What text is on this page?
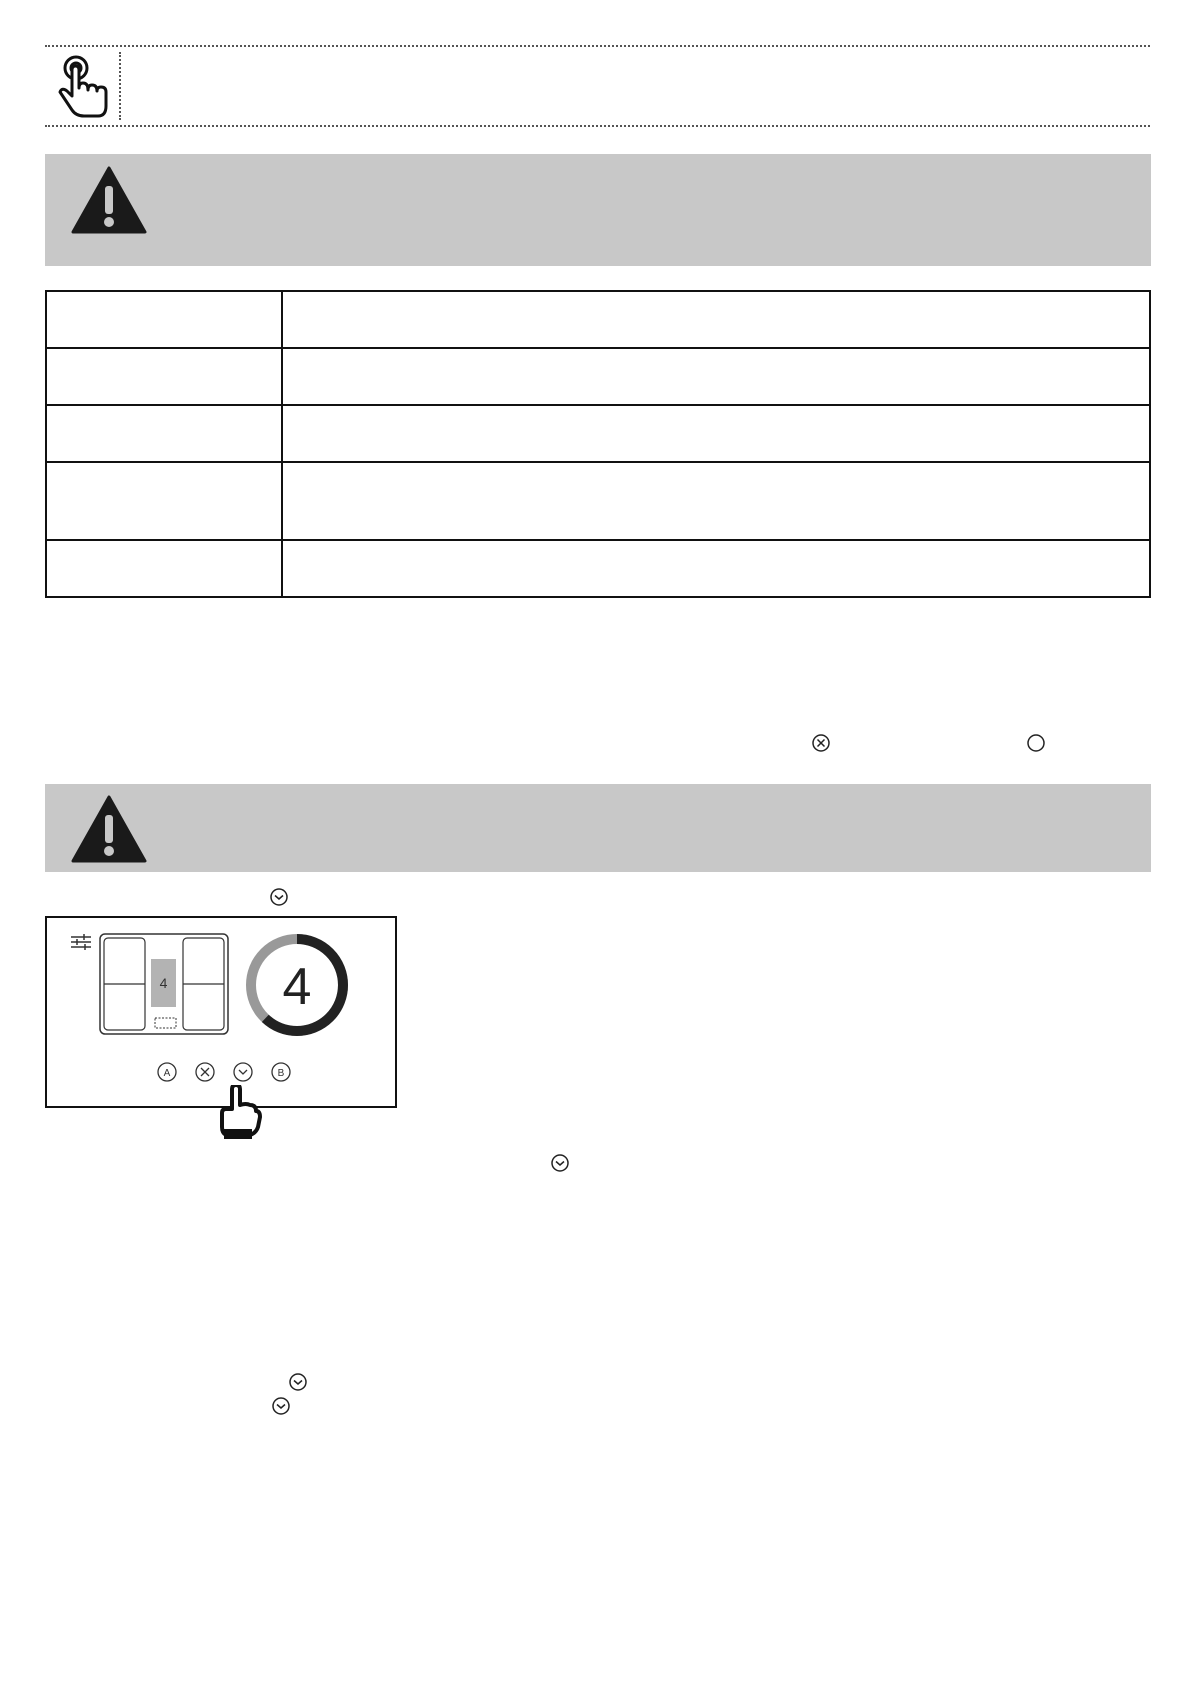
4 4
A	B
